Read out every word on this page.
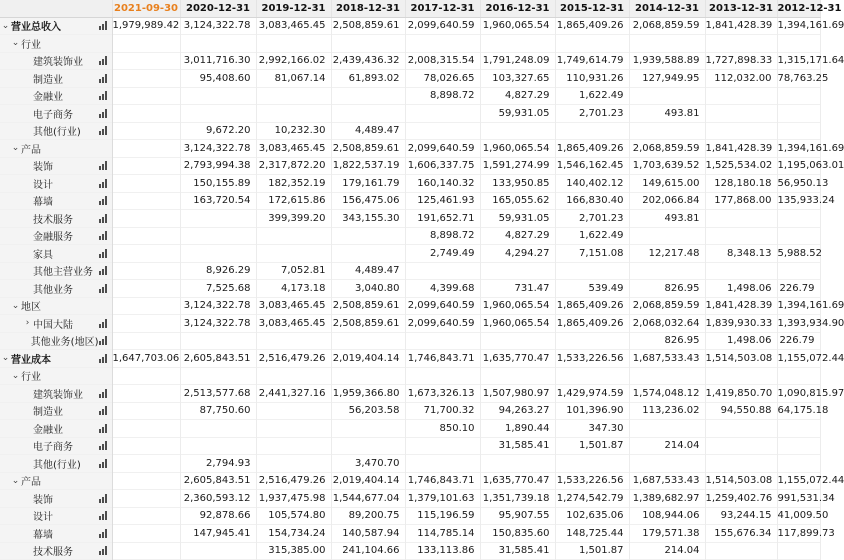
	2021-09-30	2020-12-31	2019-12-31	2018-12-31	2017-12-31	2016-12-31	2015-12-31	2014-12-31	2013-12-31	2012-12-31

⌄ 营业总收入	1,979,989.42	3,124,322.78	3,083,465.45	2,508,859.61	2,099,640.59	1,960,065.54	1,865,409.26	2,068,859.59	1,841,428.39	1,394,161.69

⌄ 行业										

建筑装饰业		3,011,716.30	2,992,166.02	2,439,436.32	2,008,315.54	1,791,248.09	1,749,614.79	1,939,588.89	1,727,898.33	1,315,171.64

制造业		95,408.60	81,067.14	61,893.02	78,026.65	103,327.65	110,931.26	127,949.95	112,032.00	78,763.25

金融业					8,898.72	4,827.29	1,622.49			

电子商务						59,931.05	2,701.23	493.81		

其他(行业)		9,672.20	10,232.30	4,489.47						

⌄ 产品		3,124,322.78	3,083,465.45	2,508,859.61	2,099,640.59	1,960,065.54	1,865,409.26	2,068,859.59	1,841,428.39	1,394,161.69

装饰		2,793,994.38	2,317,872.20	1,822,537.19	1,606,337.75	1,591,274.99	1,546,162.45	1,703,639.52	1,525,534.02	1,195,063.01

设计		150,155.89	182,352.19	179,161.79	160,140.32	133,950.85	140,402.12	149,615.00	128,180.18	56,950.13

幕墙		163,720.54	172,615.86	156,475.06	125,461.93	165,055.62	166,830.40	202,066.84	177,868.00	135,933.24

技术服务			399,399.20	343,155.30	191,652.71	59,931.05	2,701.23	493.81		

金融服务					8,898.72	4,827.29	1,622.49			

家具					2,749.49	4,294.27	7,151.08	12,217.48	8,348.13	5,988.52

其他主营业务		8,926.29	7,052.81	4,489.47						

其他业务		7,525.68	4,173.18	3,040.80	4,399.68	731.47	539.49	826.95	1,498.06	226.79

⌄ 地区		3,124,322.78	3,083,465.45	2,508,859.61	2,099,640.59	1,960,065.54	1,865,409.26	2,068,859.59	1,841,428.39	1,394,161.69

› 中国大陆		3,124,322.78	3,083,465.45	2,508,859.61	2,099,640.59	1,960,065.54	1,865,409.26	2,068,032.64	1,839,930.33	1,393,934.90

其他业务(地区)								826.95	1,498.06	226.79

⌄ 营业成本	1,647,703.06	2,605,843.51	2,516,479.26	2,019,404.14	1,746,843.71	1,635,770.47	1,533,226.56	1,687,533.43	1,514,503.08	1,155,072.44

⌄ 行业										

建筑装饰业		2,513,577.68	2,441,327.16	1,959,366.80	1,673,326.13	1,507,980.97	1,429,974.59	1,574,048.12	1,419,850.70	1,090,815.97

制造业		87,750.60		56,203.58	71,700.32	94,263.27	101,396.90	113,236.02	94,550.88	64,175.18

金融业					850.10	1,890.44	347.30			

电子商务						31,585.41	1,501.87	214.04		

其他(行业)		2,794.93		3,470.70						

⌄ 产品		2,605,843.51	2,516,479.26	2,019,404.14	1,746,843.71	1,635,770.47	1,533,226.56	1,687,533.43	1,514,503.08	1,155,072.44

装饰		2,360,593.12	1,937,475.98	1,544,677.04	1,379,101.63	1,351,739.18	1,274,542.79	1,389,682.97	1,259,402.76	991,531.34

设计		92,878.66	105,574.80	89,200.75	115,196.59	95,907.55	102,635.06	108,944.06	93,244.15	41,009.50

幕墙		147,945.41	154,734.24	140,587.94	114,785.14	150,835.60	148,725.44	179,571.38	155,676.34	117,899.73

技术服务			315,385.00	241,104.66	133,113.86	31,585.41	1,501.87	214.04		
